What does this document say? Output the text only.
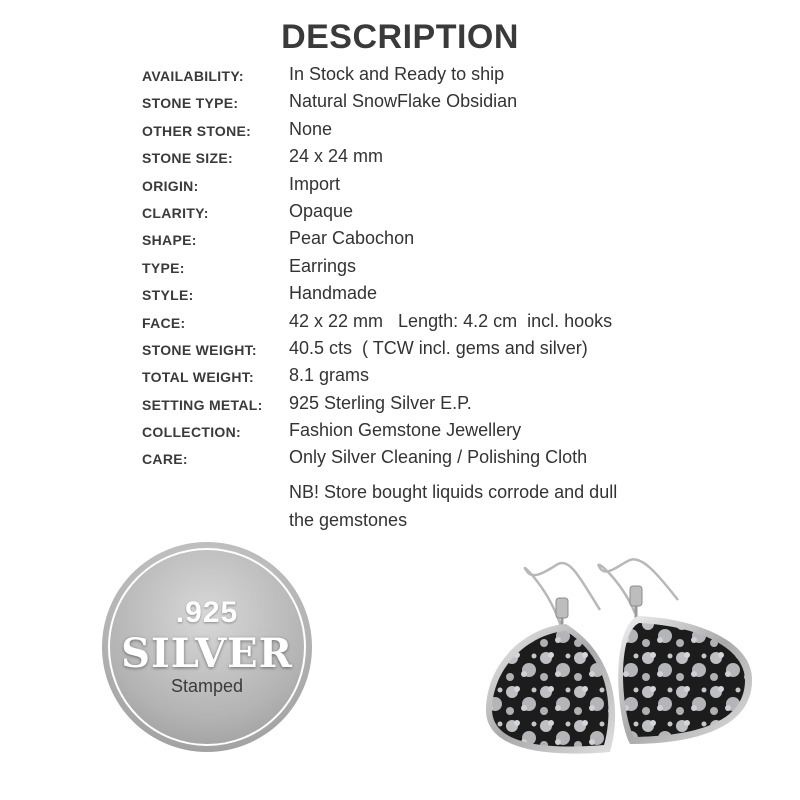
DESCRIPTION
AVAILABILITY:	In Stock and Ready to ship
STONE TYPE:	Natural SnowFlake Obsidian
OTHER STONE: None
STONE SIZE:	24 x 24 mm
ORIGIN:	Import
CLARITY:	Opaque
SHAPE:	Pear Cabochon
TYPE:	Earrings
STYLE:	Handmade
FACE:	42 x 22 mm   Length: 4.2 cm  incl. hooks
STONE WEIGHT: 40.5 cts  ( TCW incl. gems and silver)
TOTAL WEIGHT: 8.1 grams
SETTING METAL: 925 Sterling Silver E.P.
COLLECTION:	Fashion Gemstone Jewellery
CARE:	Only Silver Cleaning / Polishing Cloth
NB! Store bought liquids corrode and dull
the gemstones
.925
SILVER
Stamped
